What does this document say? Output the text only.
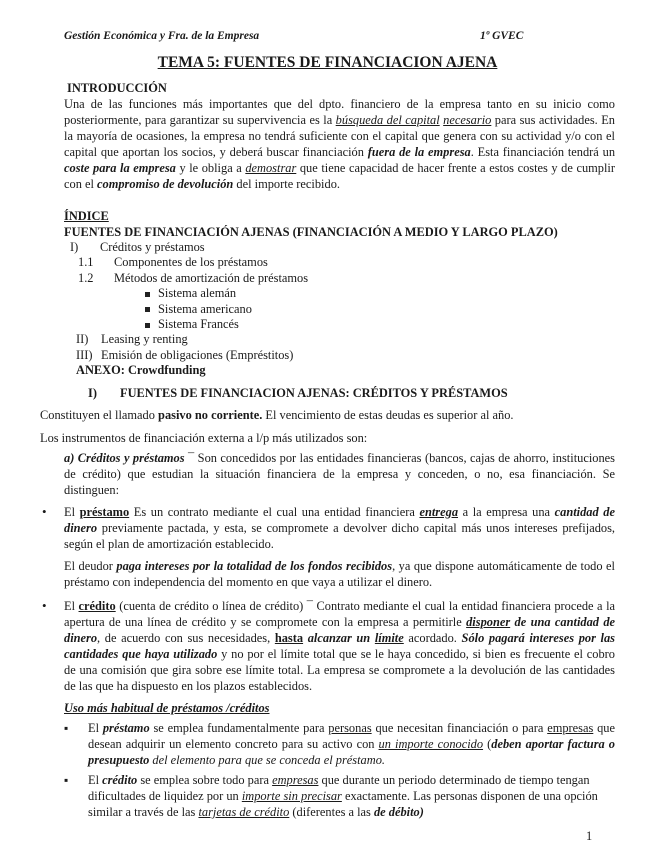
Gestión Económica y Fra. de la Empresa	1º GVEC
TEMA 5: FUENTES DE FINANCIACION AJENA
INTRODUCCIÓN
Una de las funciones más importantes que del dpto. financiero de la empresa tanto en su inicio como posteriormente, para garantizar su supervivencia es la búsqueda del capital necesario para sus actividades. En la mayoría de ocasiones, la empresa no tendrá suficiente con el capital que genera con su actividad y/o con el capital que aportan los socios, y deberá buscar financiación fuera de la empresa. Esta financiación tendrá un coste para la empresa y le obliga a demostrar que tiene capacidad de hacer frente a estos costes y de cumplir con el compromiso de devolución del importe recibido.
ÍNDICE
FUENTES DE FINANCIACIÓN AJENAS (FINANCIACIÓN A MEDIO Y LARGO PLAZO)
I) Créditos y préstamos
1.1 Componentes de los préstamos
1.2 Métodos de amortización de préstamos
Sistema alemán
Sistema americano
Sistema Francés
II) Leasing y renting
III) Emisión de obligaciones (Empréstitos)
ANEXO: Crowdfunding
I) FUENTES DE FINANCIACION AJENAS: CRÉDITOS Y PRÉSTAMOS
Constituyen el llamado pasivo no corriente. El vencimiento de estas deudas es superior al año.
Los instrumentos de financiación externa a l/p más utilizados son:
a) Créditos y préstamos ¯ Son concedidos por las entidades financieras (bancos, cajas de ahorro, instituciones de crédito) que estudian la situación financiera de la empresa y conceden, o no, esa financiación. Se distinguen:
• El préstamo Es un contrato mediante el cual una entidad financiera entrega a la empresa una cantidad de dinero previamente pactada, y esta, se compromete a devolver dicho capital más unos intereses prefijados, según el plan de amortización establecido.
El deudor paga intereses por la totalidad de los fondos recibidos, ya que dispone automáticamente de todo el préstamo con independencia del momento en que vaya a utilizar el dinero.
• El crédito (cuenta de crédito o línea de crédito) ¯ Contrato mediante el cual la entidad financiera procede a la apertura de una línea de crédito y se compromete con la empresa a permitirle disponer de una cantidad de dinero, de acuerdo con sus necesidades, hasta alcanzar un límite acordado. Sólo pagará intereses por las cantidades que haya utilizado y no por el límite total que se le haya concedido, si bien es frecuente el cobro de una comisión que gira sobre ese límite total. La empresa se compromete a la devolución de las cantidades de las que ha dispuesto en los plazos establecidos.
Uso más habitual de préstamos /créditos
▪ El préstamo se emplea fundamentalmente para personas que necesitan financiación o para empresas que desean adquirir un elemento concreto para su activo con un importe conocido (deben aportar factura o presupuesto del elemento para que se conceda el préstamo.
▪ El crédito se emplea sobre todo para empresas que durante un periodo determinado de tiempo tengan dificultades de liquidez por un importe sin precisar exactamente. Las personas disponen de una opción similar a través de las tarjetas de crédito (diferentes a las de débito)
1
